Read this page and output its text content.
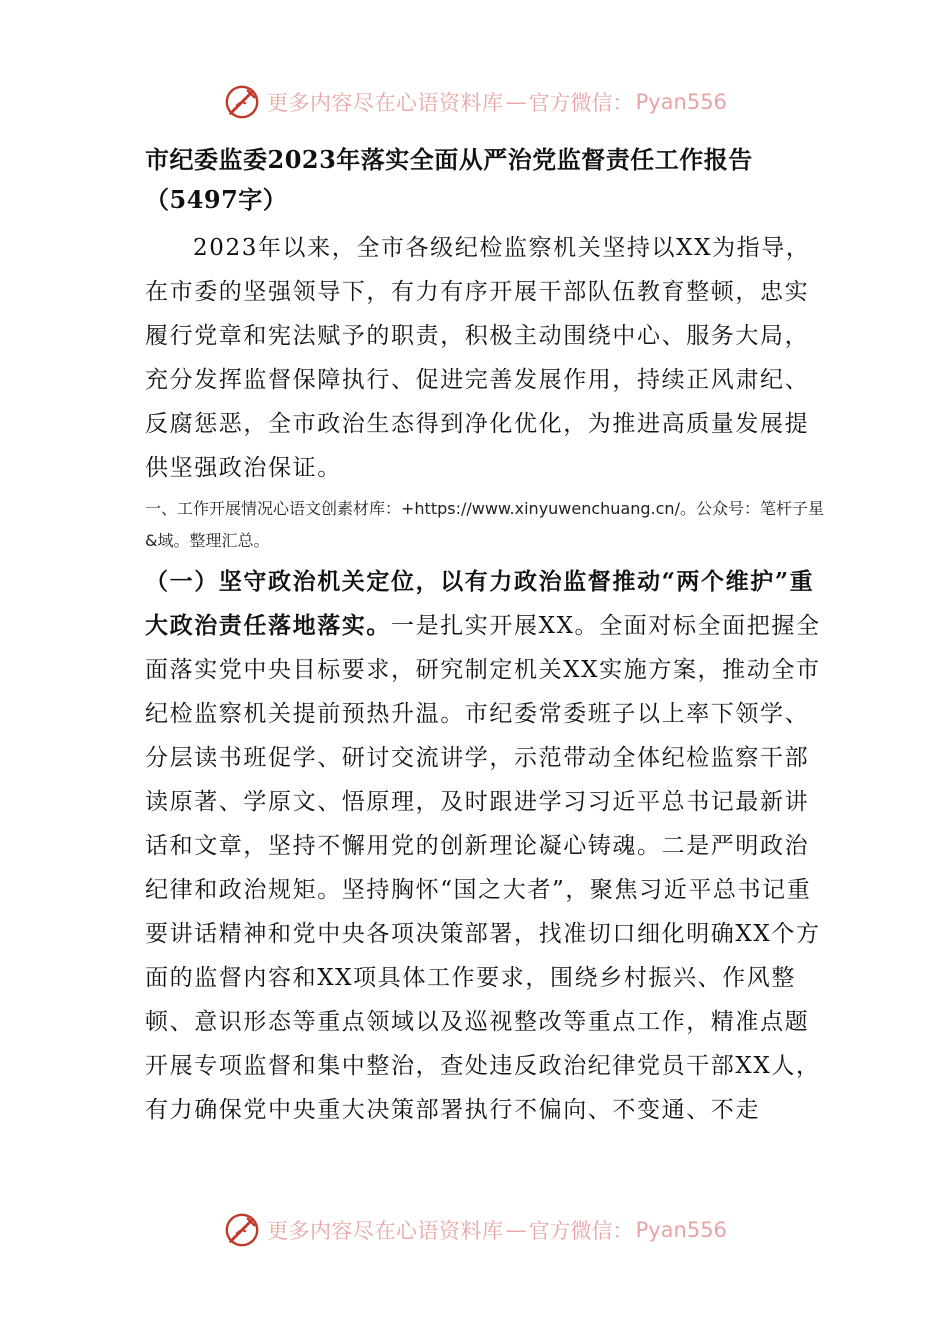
更多内容尽在心语资料库 — 官方微信： Pyan556
市纪委监委2023年落实全面从严治党监督责任工作报告
（5497字）
2023年以来，全市各级纪检监察机关坚持以XX为指导，在市委的坚强领导下，有力有序开展干部队伍教育整顿，忠实履行党章和宪法赋予的职责，积极主动围绕中心、服务大局，充分发挥监督保障执行、促进完善发展作用，持续正风肃纪、反腐惩恶，全市政治生态得到净化优化，为推进高质量发展提供坚强政治保证。
一、工作开展情况心语文创素材库：+https://www.xinyuwenchuang.cn/。公众号：笔杆子星&域。整理汇总。
（一）坚守政治机关定位，以有力政治监督推动“两个维护”重大政治责任落地落实。一是扎实开展XX。全面对标全面把握全面落实党中央目标要求，研究制定机关XX实施方案，推动全市纪检监察机关提前预热升温。市纪委常委班子以上率下领学、分层读书班促学、研讨交流讲学，示范带动全体纪检监察干部读原著、学原文、悟原理，及时跟进学习习近平总书记最新讲话和文章，坚持不懈用党的创新理论凝心铸魂。二是严明政治纪律和政治规矩。坚持胸怀“国之大者”，聚焦习近平总书记重要讲话精神和党中央各项决策部署，找准切口细化明确XX个方面的监督内容和XX项具体工作要求，围绕乡村振兴、作风整顿、意识形态等重点领域以及巡视整改等重点工作，精准点题开展专项监督和集中整治，查处违反政治纪律党员干部XX人，有力确保党中央重大决策部署执行不偏向、不变通、不走
更多内容尽在心语资料库 — 官方微信： Pyan556
